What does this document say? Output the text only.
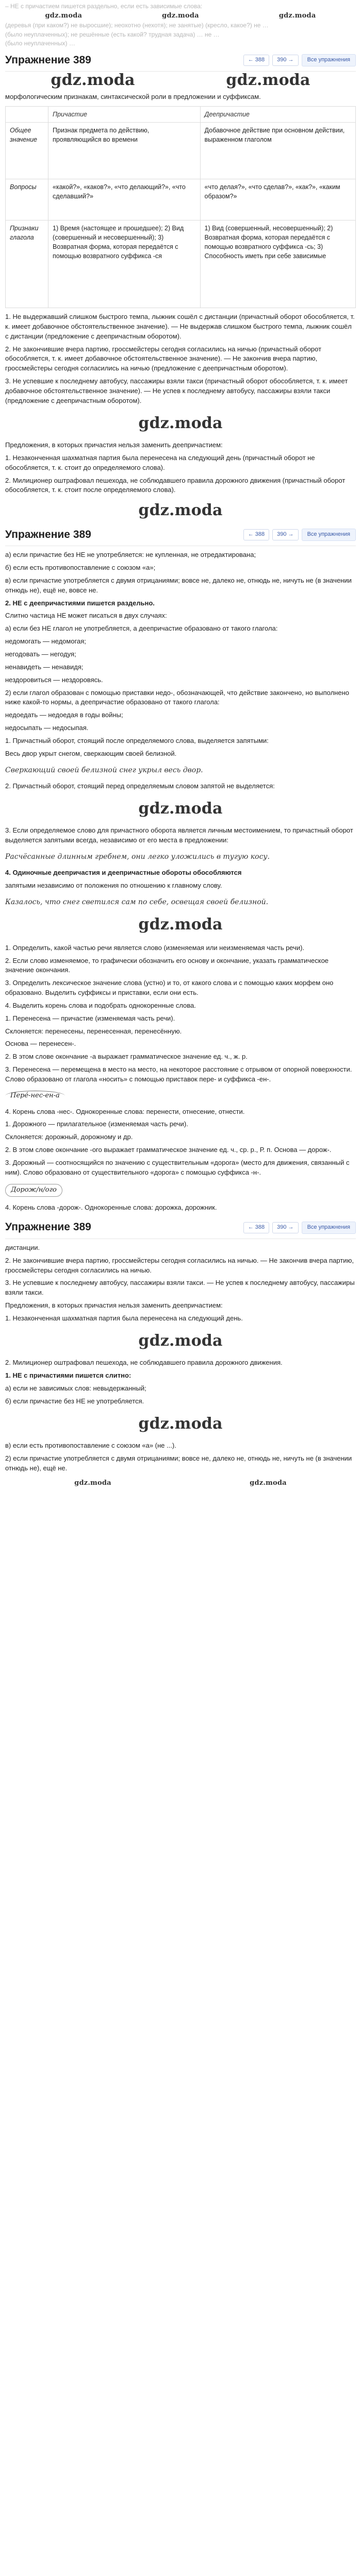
– НЕ с причастием пишется раздельно, если есть зависимые слова:
gdz.moda	gdz.moda	gdz.moda
(деревья (при каком?) не выросшие); неохотно (нехотя); не занятые) (кресло, какое?) не …
(было неуплаченных); не решённые (есть какой? трудная задача) … не …
(было неуплаченных) …
Упражнение 389	← 388	390 →	Все упражнения
gdz.moda	gdz.moda

морфологическим признакам, синтаксической роли в предложении и суффиксам.

	Причастие	Деепричастие
Общее значение	Признак предмета по действию, проявляющийся во времени	Добавочное действие при основном действии, выраженном глаголом
Вопросы	«какой?», «каков?», «что делающий?», «что сделавший?»	«что делая?», «что сделав?», «как?», «каким образом?»
Признаки глагола	1) Время (настоящее и прошедшее); 2) Вид (совершенный и несовершенный); 3) Возвратная форма, которая передаётся с помощью возвратного суффикса -ся	1) Вид (совершенный, несовершенный); 2) Возвратная форма, которая передаётся с помощью возвратного суффикса -сь; 3) Способность иметь при себе зависимые

1. Не выдержавший слишком быстрого темпа, лыжник сошёл с дистанции (причастный оборот обособляется, т. к. имеет добавочное обстоятельственное значение). — Не выдержав слишком быстрого темпа, лыжник сошёл с дистанции (предложение с деепричастным оборотом).

2. Не закончившие вчера партию, гроссмейстеры сегодня согласились на ничью (причастный оборот обособляется, т. к. имеет добавочное обстоятельственное значение). — Не закончив вчера партию, гроссмейстеры сегодня согласились на ничью (предложение с деепричастным оборотом).

3. Не успевшие к последнему автобусу, пассажиры взяли такси (причастный оборот обособляется, т. к. имеет добавочное обстоятельственное значение). — Не успев к последнему автобусу, пассажиры взяли такси (предложение с деепричастным оборотом).

gdz.moda

Предложения, в которых причастия нельзя заменить деепричастием:

1. Незаконченная шахматная партия была перенесена на следующий день (причастный оборот не обособляется, т. к. стоит до определяемого слова).

2. Милиционер оштрафовал пешехода, не соблюдавшего правила дорожного движения (причастный оборот обособляется, т. к. стоит после определяемого слова).

gdz.moda
Упражнение 389	← 388	390 →	Все упражнения

а) если причастие без НЕ не употребляется: не купленная, не отредактирована;

б) если есть противопоставление с союзом «а»;

в) если причастие употребляется с двумя отрицаниями; вовсе не, далеко не, отнюдь не, ничуть не (в значении отнюдь не), ещё не, вовсе не.

2. НЕ с деепричастиями пишется раздельно.

Слитно частица НЕ может писаться в двух случаях:

а) если без НЕ глагол не употребляется, а деепричастие образовано от такого глагола:

недомогать — недомогая;

негодовать — негодуя;

ненавидеть — ненавидя;

нездоровиться — нездоровясь.

2) если глагол образован с помощью приставки недо-, обозначающей, что действие закончено, но выполнено ниже какой-то нормы, а деепричастие образовано от такого глагола:

недоедать — недоедая в годы войны;

недосыпать — недосыпая.

1. Причастный оборот, стоящий после определяемого слова, выделяется запятыми:

Весь двор укрыт снегом, сверкающим своей белизной.

Сверкающий своей белизной снег укрыл весь двор.

2. Причастный оборот, стоящий перед определяемым словом запятой не выделяется:

gdz.moda

3. Если определяемое слово для причастного оборота является личным местоимением, то причастный оборот выделяется запятыми всегда, независимо от его места в предложении:

Расчёсанные длинным гребнем, они легко уложились в тугую косу.

4. Одиночные деепричастия и деепричастные обороты обособляются

запятыми независимо от положения по отношению к главному слову.

Казалось, что снег светился сам по себе, освещая своей белизной.
gdz.moda

1. Определить, какой частью речи является слово (изменяемая или неизменяемая часть речи).

2. Если слово изменяемое, то графически обозначить его основу и окончание, указать грамматическое значение окончания.

3. Определить лексическое значение слова (устно) и то, от какого слова и с помощью каких морфем оно образовано. Выделить суффиксы и приставки, если они есть.

4. Выделить корень слова и подобрать однокоренные слова.

1. Перенесена — причастие (изменяемая часть речи).

Склоняется: перенесены, перенесенная, перенесённую.

Основа — перенесен-.

2. В этом слове окончание -а выражает грамматическое значение ед. ч., ж. р.

3. Перенесена — перемещена в место на место, на некоторое расстояние с отрывом от опорной поверхности. Слово образовано от глагола «носить» с помощью приставок пере- и суффикса -ен-.

Пере́-нес-ен-а

4. Корень слова -нес-. Однокоренные слова: перенести, отнесение, отнести.

1. Дорожного — прилагательное (изменяемая часть речи).

Склоняется: дорожный, дорожному и др.

2. В этом слове окончание -ого выражает грамматическое значение ед. ч., ср. р., Р. п. Основа — дорож-.

3. Дорожный — соотносящийся по значению с существительным «дорога» (место для движения, связанный с ним). Слово образовано от существительного «дорога» с помощью суффикса -н-.

Дорож/н/ого

4. Корень слова -дорож-. Однокоренные слова: дорожка, дорожник.

Упражнение 389	← 388	390 →	Все упражнения

дистанции.

2. Не закончившие вчера партию, гроссмейстеры сегодня согласились на ничью. — Не закончив вчера партию, гроссмейстеры сегодня согласились на ничью.

3. Не успевшие к последнему автобусу, пассажиры взяли такси. — Не успев к последнему автобусу, пассажиры взяли такси.

Предложения, в которых причастия нельзя заменить деепричастием:

1. Незаконченная шахматная партия была перенесена на следующий день.

gdz.moda

2. Милиционер оштрафовал пешехода, не соблюдавшего правила дорожного движения.

1. НЕ с причастиями пишется слитно:

а) если не зависимых слов: невыдержанный;

б) если причастие без НЕ не употребляется.

gdz.moda

в) если есть противопоставление с союзом «а» (не ...).

2) если причастие употребляется с двумя отрицаниями; вовсе не, далеко не, отнюдь не, ничуть не (в значении отнюдь не), ещё не.

gdz.moda	gdz.moda
